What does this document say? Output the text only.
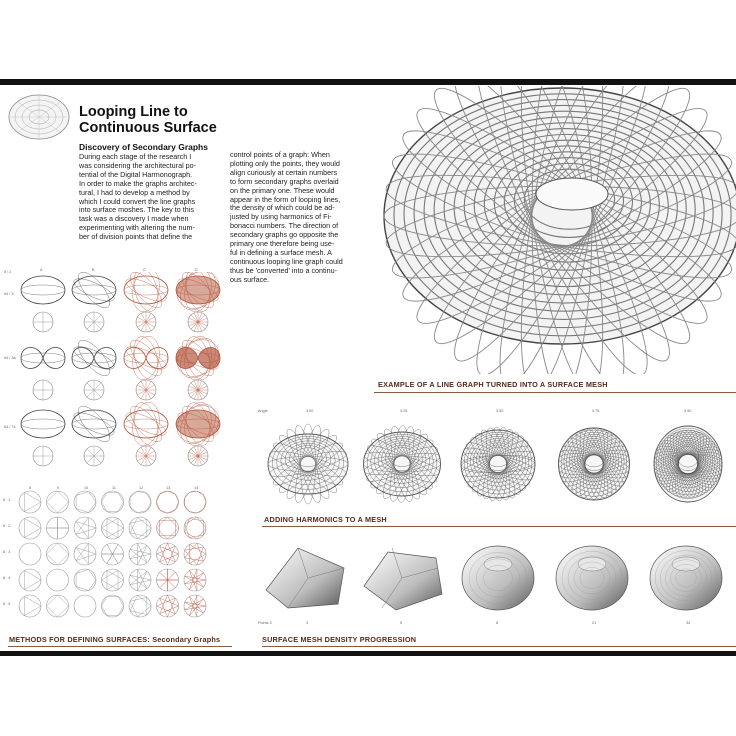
Looping Line to
Continuous Surface
Discovery of Secondary Graphs

During each stage of the research I
was considering the architectural po-
tential of the Digital Harmonograph.
In order to make the graphs architec-
tural, I had to develop a method by
which I could convert the line graphs
into surface moshes. The key to this
task was a discovery I made when
experimenting with altering the num-
ber of division points that define the

control points of a graph: When
plotting only the points, they would
align curiously at certain numbers
to form secondary graphs overlaid
on the primary one. These would
appear in the form of looping lines,
the density of which could be ad-
justed by using harmonics of Fi-
bonacci numbers. The direction of
secondary graphs go opposite the
primary one therefore being use-
ful in defining a surface mesh. A
continuous looping line graph could
thus be 'converted' into a continu-
ous surface.

EXAMPLE OF A LINE GRAPH TURNED INTO A SURFACE MESH
Angle	3.00	3.25	3.50	3.75	3.90
ADDING HARMONICS TO A MESH
Points 0	3	5	8	21	34
SURFACE MESH DENSITY PROGRESSION
A	B	C	D
8 / 2
64 / 3
64 / 3a
64 / 74
8	9	10	11	12	13	14
8 : 1
8 : 2
8 : 3
8 : 4
8 : 5
METHODS FOR DEFINING SURFACES: Secondary Graphs
